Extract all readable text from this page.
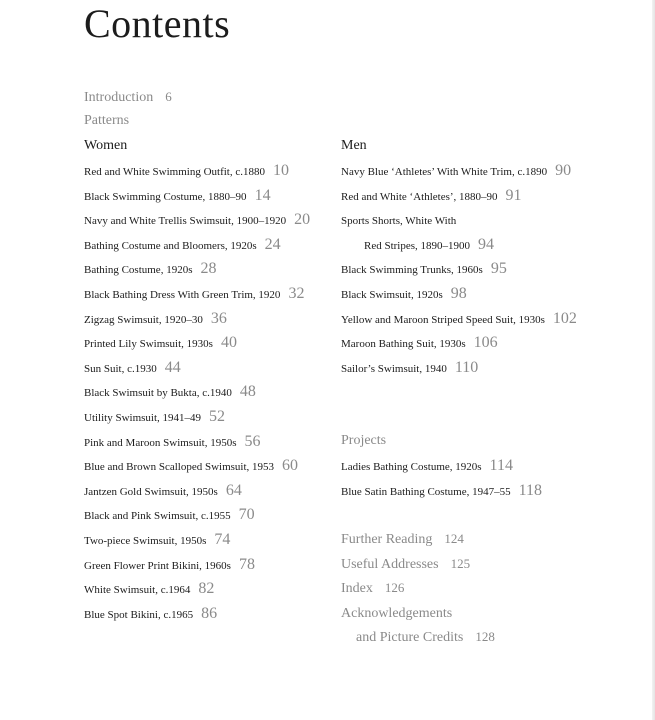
Contents
Introduction 6
Patterns
Women
Red and White Swimming Outfit, c.1880 10
Black Swimming Costume, 1880–90 14
Navy and White Trellis Swimsuit, 1900–1920 20
Bathing Costume and Bloomers, 1920s 24
Bathing Costume, 1920s 28
Black Bathing Dress With Green Trim, 1920 32
Zigzag Swimsuit, 1920–30 36
Printed Lily Swimsuit, 1930s 40
Sun Suit, c.1930 44
Black Swimsuit by Bukta, c.1940 48
Utility Swimsuit, 1941–49 52
Pink and Maroon Swimsuit, 1950s 56
Blue and Brown Scalloped Swimsuit, 1953 60
Jantzen Gold Swimsuit, 1950s 64
Black and Pink Swimsuit, c.1955 70
Two-piece Swimsuit, 1950s 74
Green Flower Print Bikini, 1960s 78
White Swimsuit, c.1964 82
Blue Spot Bikini, c.1965 86
Men
Navy Blue ‘Athletes’ With White Trim, c.1890 90
Red and White ‘Athletes’, 1880–90 91
Sports Shorts, White With
Red Stripes, 1890–1900 94
Black Swimming Trunks, 1960s 95
Black Swimsuit, 1920s 98
Yellow and Maroon Striped Speed Suit, 1930s 102
Maroon Bathing Suit, 1930s 106
Sailor’s Swimsuit, 1940 110
Projects
Ladies Bathing Costume, 1920s 114
Blue Satin Bathing Costume, 1947–55 118
Further Reading 124
Useful Addresses 125
Index 126
Acknowledgements
and Picture Credits 128
